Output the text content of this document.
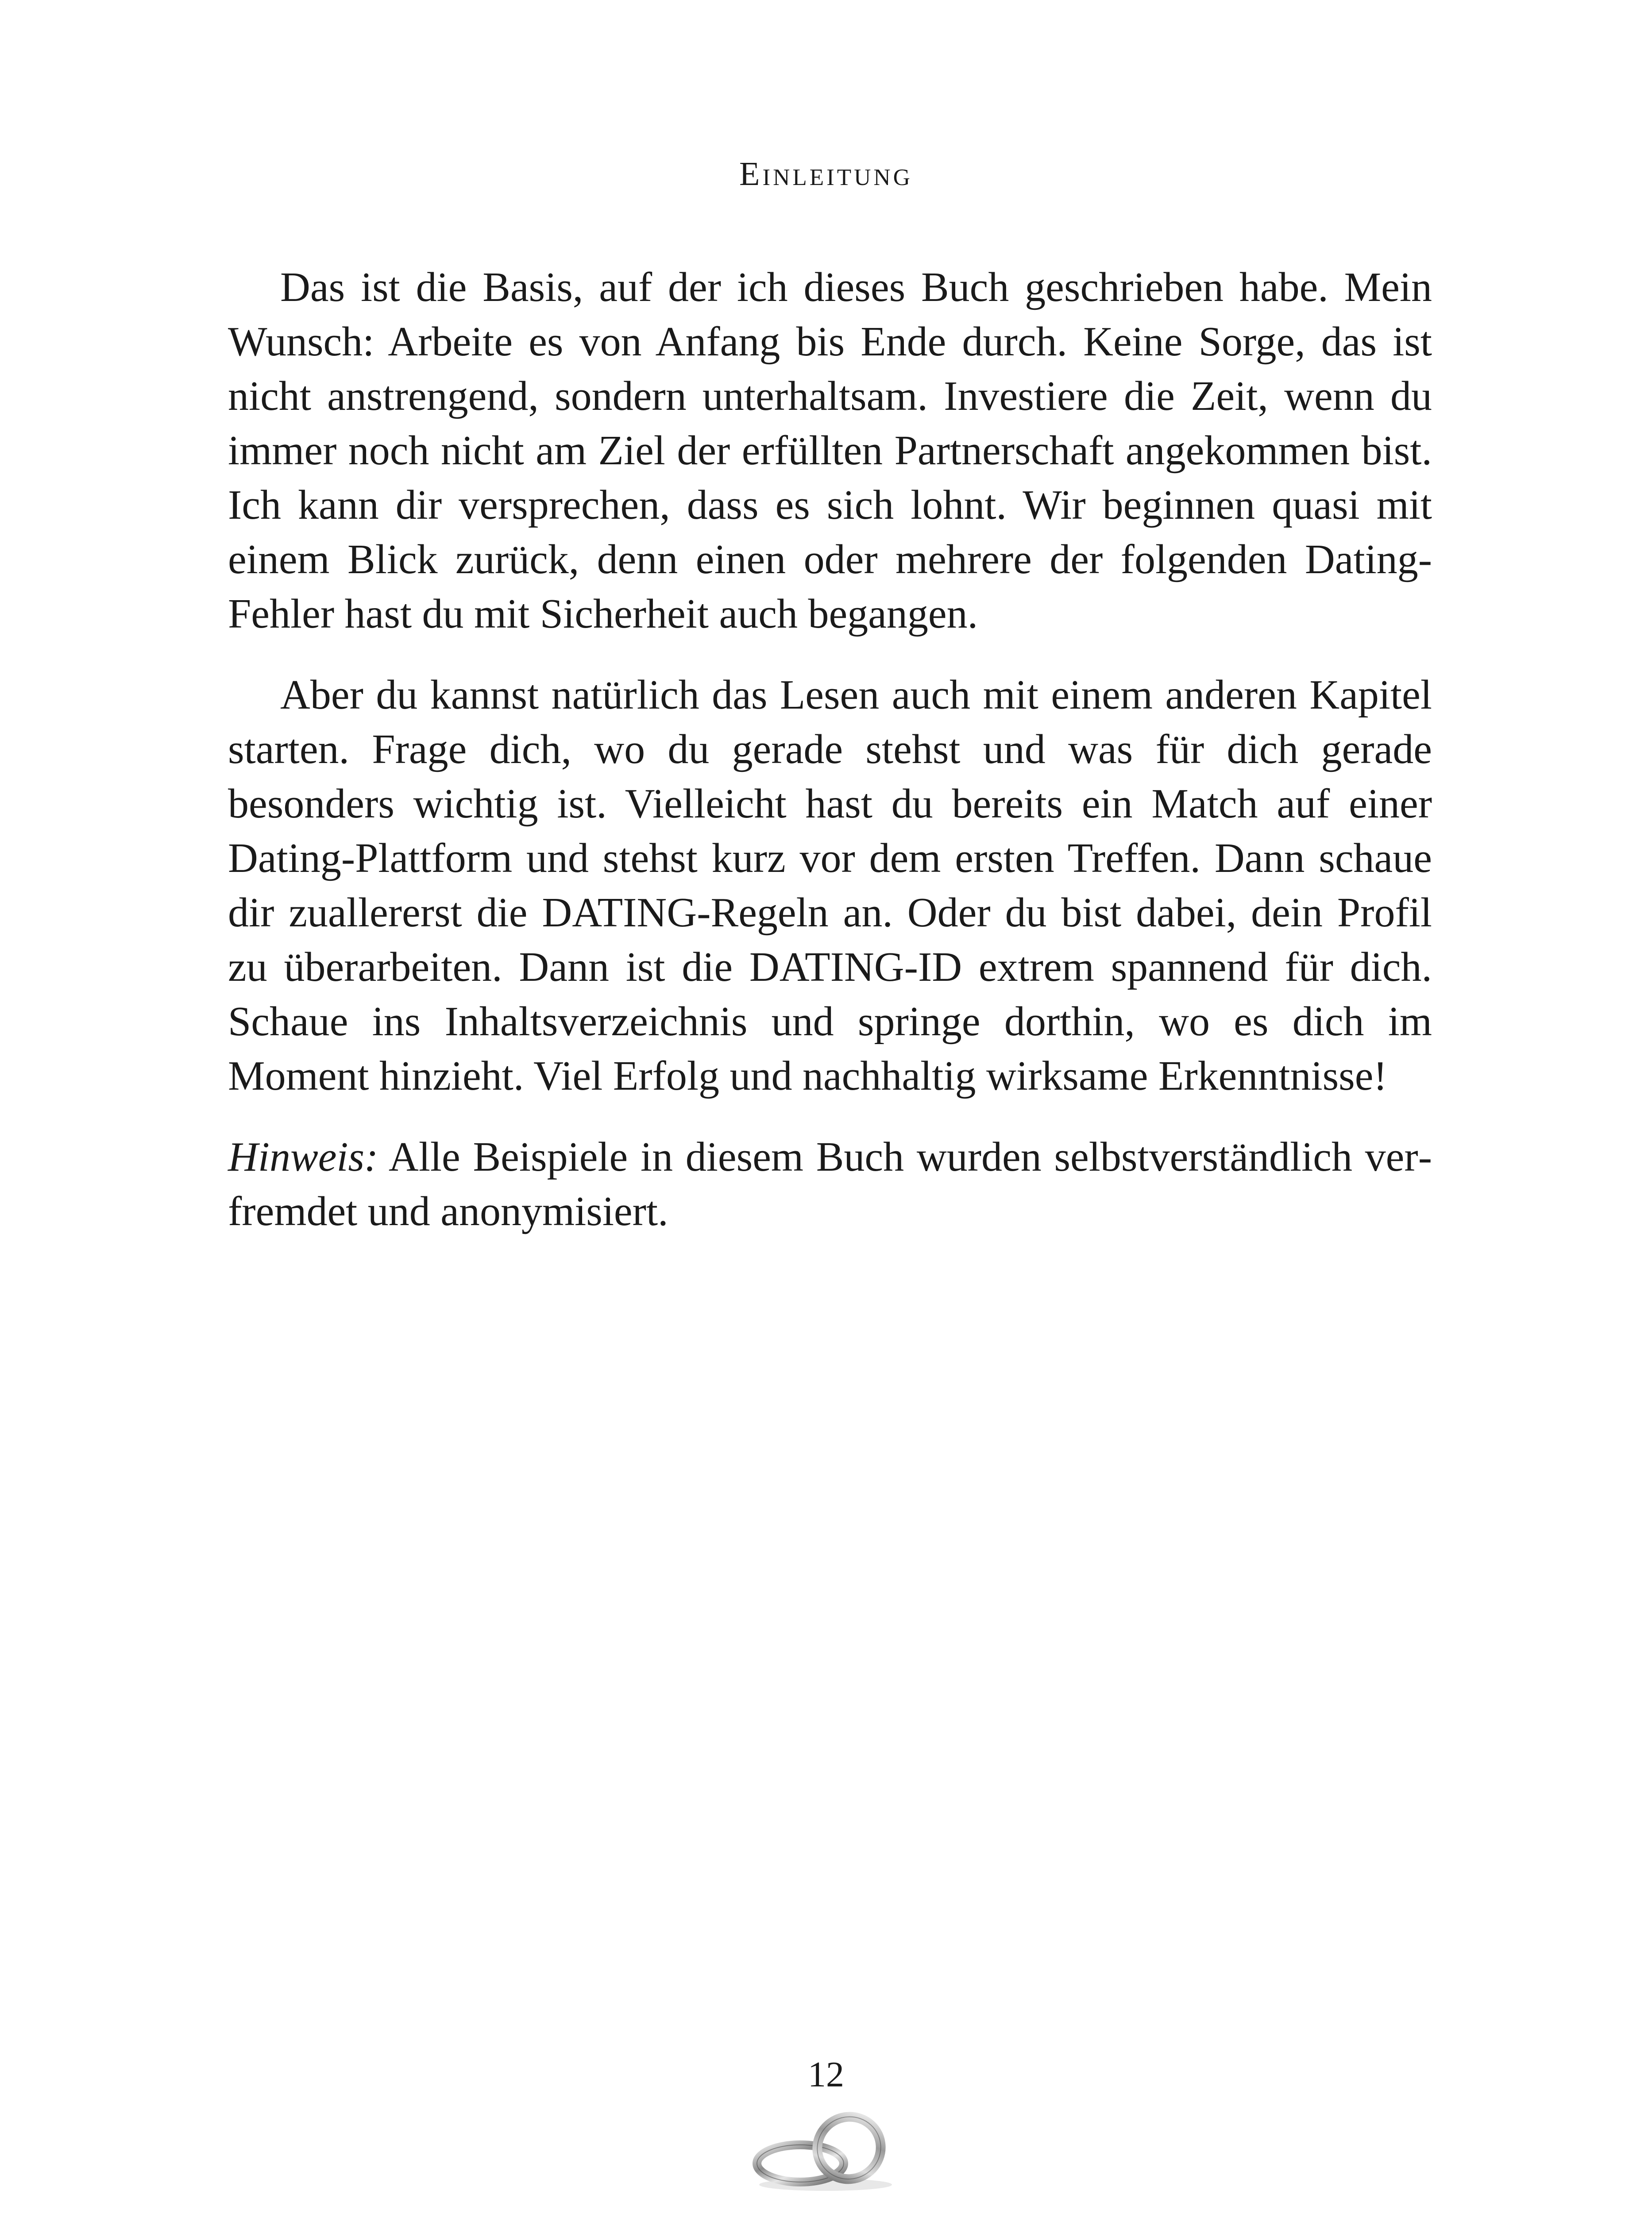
Einleitung

Das ist die Basis, auf der ich dieses Buch geschrieben habe. Mein Wunsch: Arbeite es von Anfang bis Ende durch. Keine Sorge, das ist nicht anstrengend, sondern unterhaltsam. Investiere die Zeit, wenn du immer noch nicht am Ziel der erfüllten Partnerschaft angekommen bist. Ich kann dir versprechen, dass es sich lohnt. Wir beginnen quasi mit einem Blick zurück, denn einen oder mehrere der folgenden Dating-Fehler hast du mit Sicherheit auch begangen.

Aber du kannst natürlich das Lesen auch mit einem anderen Kapitel starten. Frage dich, wo du gerade stehst und was für dich gerade besonders wichtig ist. Vielleicht hast du bereits ein Match auf einer Dating-Plattform und stehst kurz vor dem ersten Treffen. Dann schaue dir zuallererst die DATING-Regeln an. Oder du bist dabei, dein Profil zu überarbeiten. Dann ist die DATING-ID extrem spannend für dich. Schaue ins Inhaltsverzeichnis und springe dorthin, wo es dich im Moment hinzieht. Viel Erfolg und nachhaltig wirksame Erkenntnisse!

Hinweis: Alle Beispiele in diesem Buch wurden selbstverständlich verfremdet und anonymisiert.

12
